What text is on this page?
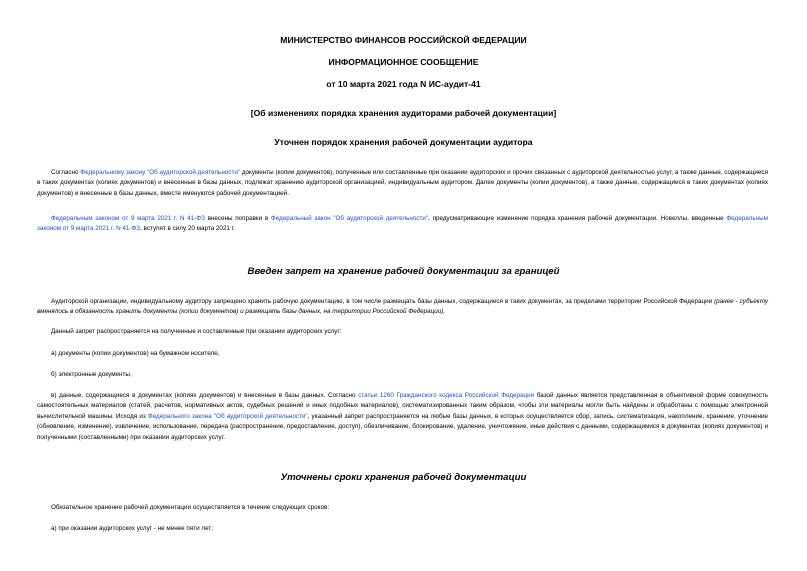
МИНИСТЕРСТВО ФИНАНСОВ РОССИЙСКОЙ ФЕДЕРАЦИИ
ИНФОРМАЦИОННОЕ СООБЩЕНИЕ
от 10 марта 2021 года N ИС-аудит-41
[Об изменениях порядка хранения аудиторами рабочей документации]
Уточнен порядок хранения рабочей документации аудитора

Согласно Федеральному закону "Об аудиторской деятельности" документы (копии документов), полученные или составленные при оказании аудиторских и прочих связанных с аудиторской деятельностью услуг, а также данные, содержащиеся в таких документах (копиях документов) и внесенные в базы данных, подлежат хранению аудиторской организацией, индивидуальным аудитором. Далее документы (копии документов), а также данные, содержащиеся в таких документах (копиях документов) и внесенные в базы данных, вместе именуются рабочей документацией.

Федеральным законом от 9 марта 2021 г. N 41-ФЗ внесены поправки в Федеральный закон "Об аудиторской деятельности", предусматривающие изменение порядка хранения рабочей документации. Новеллы, введенные Федеральным законом от 9 марта 2021 г. N 41-ФЗ, вступят в силу 20 марта 2021 г.

Введен запрет на хранение рабочей документации за границей

Аудиторской организации, индивидуальному аудитору запрещено хранить рабочую документацию, в том числе размещать базы данных, содержащиеся в таких документах, за пределами территории Российской Федерации (ранее - субъекту вменялось в обязанность хранить документы (копии документов) и размещать базы данных, на территории Российской Федерации).

Данный запрет распространяется на полученные и составленные при оказании аудиторских услуг:

а) документы (копии документов) на бумажном носителе,

б) электронные документы,

в) данные, содержащиеся в документах (копиях документов) и внесенные в базы данных. Согласно статье 1260 Гражданского кодекса Российской Федерации базой данных является представленная в объективной форме совокупность самостоятельных материалов (статей, расчетов, нормативных актов, судебных решений и иных подобных материалов), систематизированных таким образом, чтобы эти материалы могли быть найдены и обработаны с помощью электронной вычислительной машины. Исходя из Федерального закона "Об аудиторской деятельности", указанный запрет распространяется на любые базы данных, в которых осуществляется сбор, запись, систематизация, накопление, хранение, уточнение (обновление, изменение), извлечение, использование, передача (распространение, предоставление, доступ), обезличивание, блокирование, удаление, уничтожение, иные действия с данными, содержащимися в документах (копиях документов) и полученными (составленными) при оказании аудиторских услуг.

Уточнены сроки хранения рабочей документации

Обязательное хранение рабочей документации осуществляется в течение следующих сроков:

а) при оказании аудиторских услуг - не менее пяти лет;
